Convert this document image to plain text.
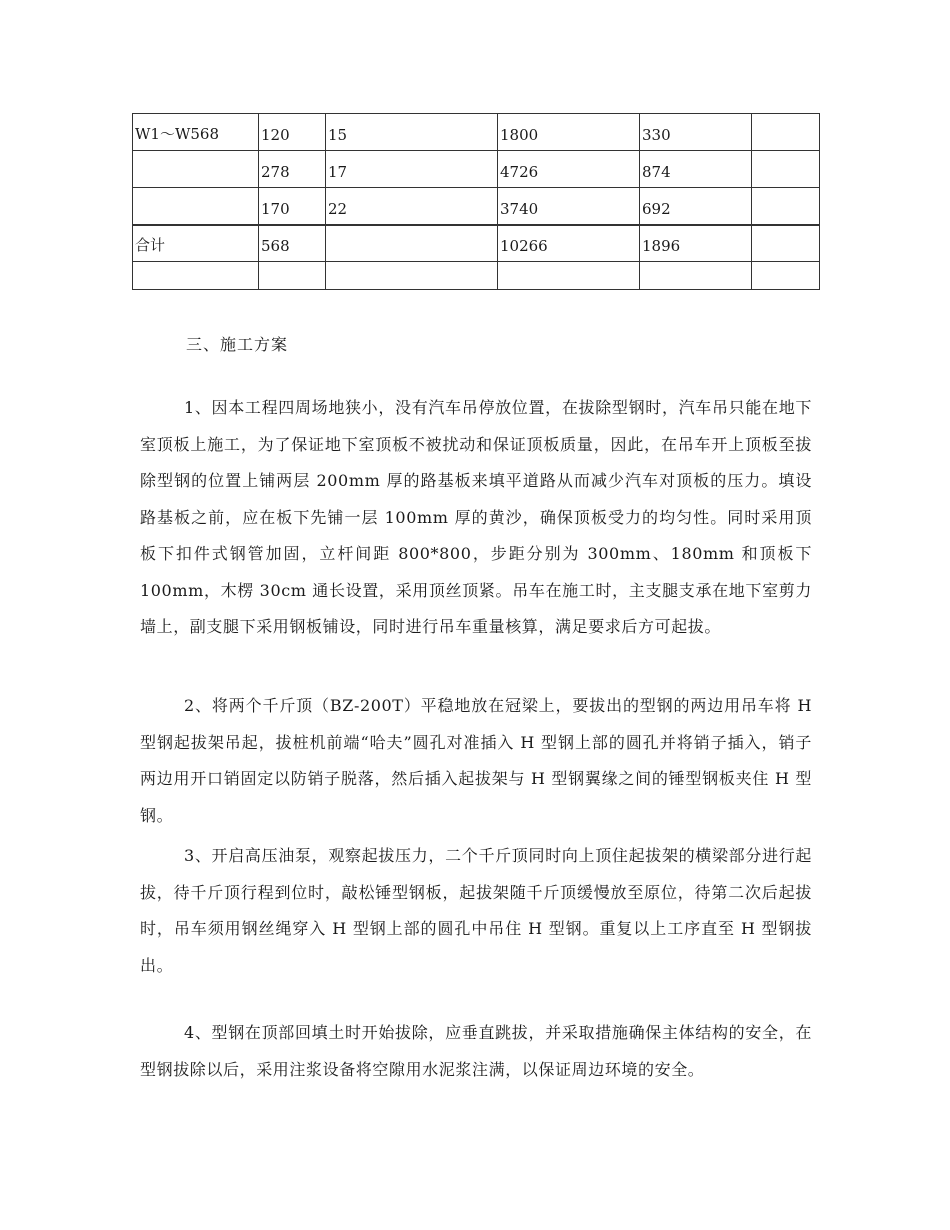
W1～W568	120	15	1800	330	
	278	17	4726	874	
	170	22	3740	692	
合计	568		10266	1896	

三、施工方案

1、因本工程四周场地狭小，没有汽车吊停放位置，在拔除型钢时，汽车吊只能在地下室顶板上施工，为了保证地下室顶板不被扰动和保证顶板质量，因此，在吊车开上顶板至拔除型钢的位置上铺两层 200mm 厚的路基板来填平道路从而减少汽车对顶板的压力。填设路基板之前，应在板下先铺一层 100mm 厚的黄沙，确保顶板受力的均匀性。同时采用顶板下扣件式钢管加固，立杆间距 800*800，步距分别为 300mm、180mm 和顶板下 100mm，木楞 30cm 通长设置，采用顶丝顶紧。吊车在施工时，主支腿支承在地下室剪力墙上，副支腿下采用钢板铺设，同时进行吊车重量核算，满足要求后方可起拔。

2、将两个千斤顶（BZ-200T）平稳地放在冠梁上，要拔出的型钢的两边用吊车将 H 型钢起拔架吊起，拔桩机前端“哈夫”圆孔对准插入 H 型钢上部的圆孔并将销子插入，销子两边用开口销固定以防销子脱落，然后插入起拔架与 H 型钢翼缘之间的锤型钢板夹住 H 型钢。

3、开启高压油泵，观察起拔压力，二个千斤顶同时向上顶住起拔架的横梁部分进行起拔，待千斤顶行程到位时，敲松锤型钢板，起拔架随千斤顶缓慢放至原位，待第二次后起拔时，吊车须用钢丝绳穿入 H 型钢上部的圆孔中吊住 H 型钢。重复以上工序直至 H 型钢拔出。

4、型钢在顶部回填土时开始拔除，应垂直跳拔，并采取措施确保主体结构的安全，在型钢拔除以后，采用注浆设备将空隙用水泥浆注满，以保证周边环境的安全。
